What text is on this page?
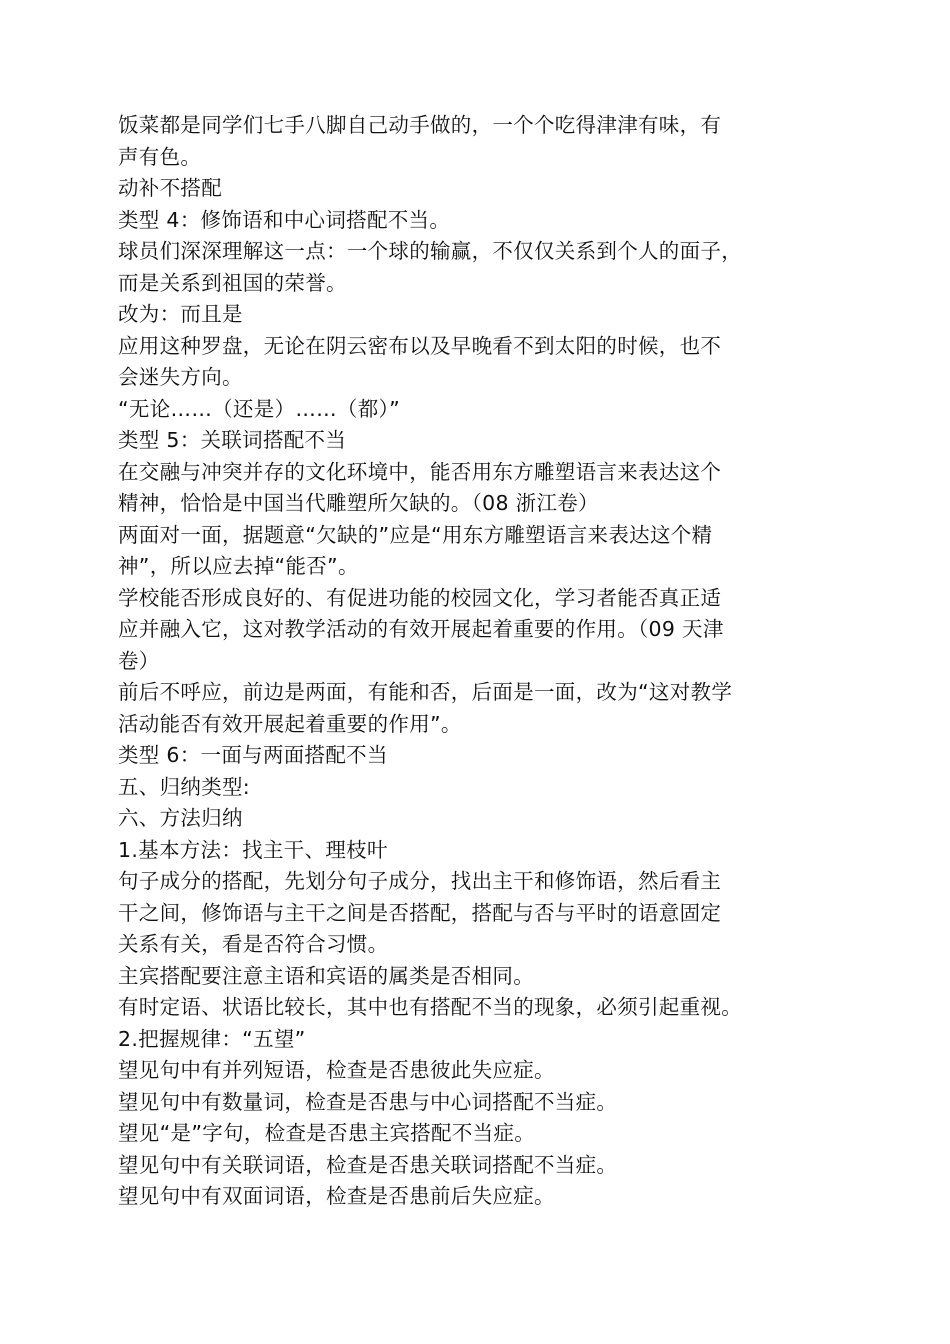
饭菜都是同学们七手八脚自己动手做的，一个个吃得津津有味，有
声有色。
动补不搭配
类型 4：修饰语和中心词搭配不当。
球员们深深理解这一点：一个球的输赢，不仅仅关系到个人的面子，
而是关系到祖国的荣誉。
改为：而且是
应用这种罗盘，无论在阴云密布以及早晚看不到太阳的时候，也不
会迷失方向。
“无论……（还是）……（都）”
类型 5：关联词搭配不当
在交融与冲突并存的文化环境中，能否用东方雕塑语言来表达这个
精神，恰恰是中国当代雕塑所欠缺的。（08 浙江卷）
两面对一面，据题意“欠缺的”应是“用东方雕塑语言来表达这个精
神”，所以应去掉“能否”。
学校能否形成良好的、有促进功能的校园文化，学习者能否真正适
应并融入它，这对教学活动的有效开展起着重要的作用。（09 天津
卷）
前后不呼应，前边是两面，有能和否，后面是一面，改为“这对教学
活动能否有效开展起着重要的作用”。
类型 6：一面与两面搭配不当
五、归纳类型:
六、方法归纳
1.基本方法：找主干、理枝叶
句子成分的搭配，先划分句子成分，找出主干和修饰语，然后看主
干之间，修饰语与主干之间是否搭配，搭配与否与平时的语意固定
关系有关，看是否符合习惯。
主宾搭配要注意主语和宾语的属类是否相同。
有时定语、状语比较长，其中也有搭配不当的现象，必须引起重视。
2.把握规律：“五望”
望见句中有并列短语，检查是否患彼此失应症。
望见句中有数量词，检查是否患与中心词搭配不当症。
望见“是”字句，检查是否患主宾搭配不当症。
望见句中有关联词语，检查是否患关联词搭配不当症。
望见句中有双面词语，检查是否患前后失应症。
